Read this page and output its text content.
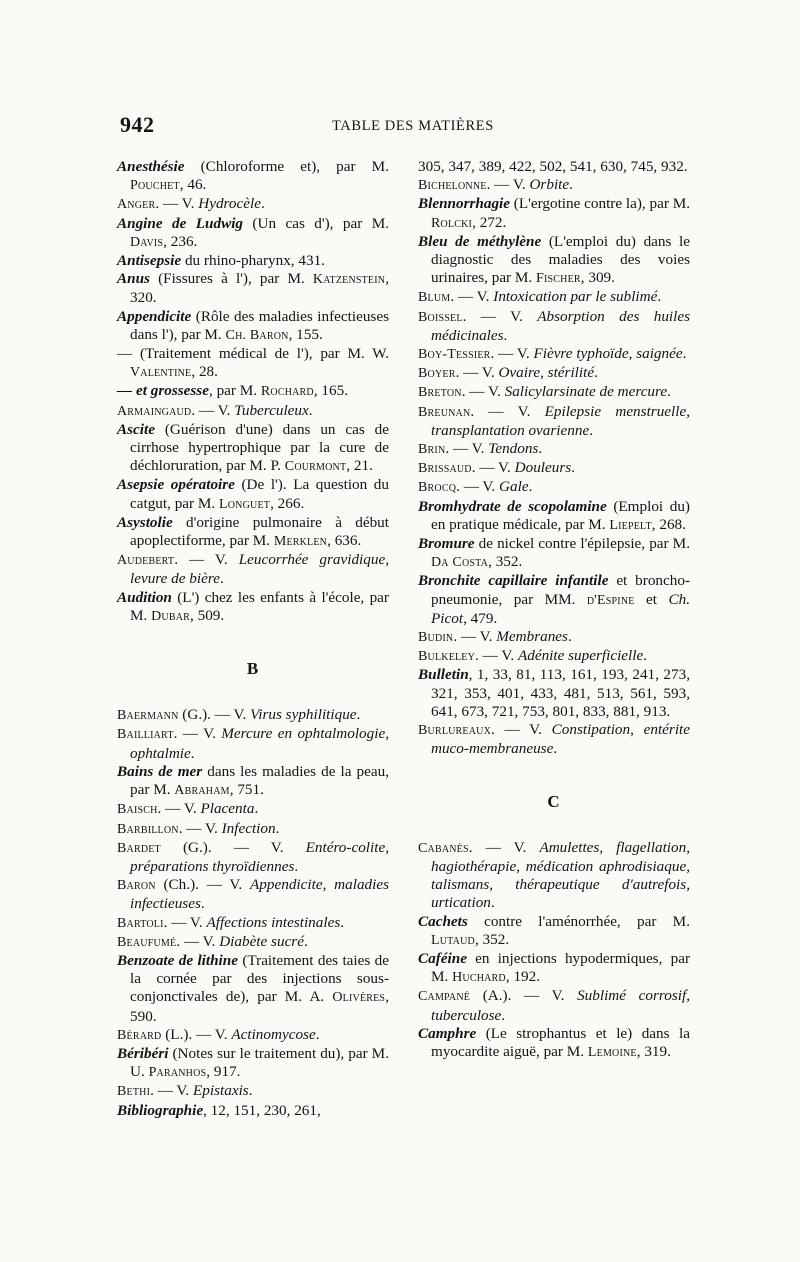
942	TABLE DES MATIÈRES

Anesthésie (Chloroforme et), par M. Pouchet, 46.

Anger. — V. Hydrocèle.

Angine de Ludwig (Un cas d'), par M. Davis, 236.

Antisepsie du rhino-pharynx, 431.

Anus (Fissures à l'), par M. Katzenstein, 320.

Appendicite (Rôle des maladies infectieuses dans l'), par M. Ch. Baron, 155.

— (Traitement médical de l'), par M. W. Valentine, 28.

— et grossesse, par M. Rochard, 165.

Armaingaud. — V. Tuberculeux.

Ascite (Guérison d'une) dans un cas de cirrhose hypertrophique par la cure de déchloruration, par M. P. Courmont, 21.

Asepsie opératoire (De l'). La question du catgut, par M. Longuet, 266.

Asystolie d'origine pulmonaire à début apoplectiforme, par M. Merklen, 636.

Audebert. — V. Leucorrhée gravidique, levure de bière.

Audition (L') chez les enfants à l'école, par M. Dubar, 509.

B

Baermann (G.). — V. Virus syphilitique.

Bailliart. — V. Mercure en ophtalmologie, ophtalmie.

Bains de mer dans les maladies de la peau, par M. Abraham, 751.

Baisch. — V. Placenta.

Barbillon. — V. Infection.

Bardet (G.). — V. Entéro-colite, préparations thyroïdiennes.

Baron (Ch.). — V. Appendicite, maladies infectieuses.

Bartoli. — V. Affections intestinales.

Beaufumé. — V. Diabète sucré.

Benzoate de lithine (Traitement des taies de la cornée par des injections sous-conjonctivales de), par M. A. Olivères, 590.

Bérard (L.). — V. Actinomycose.

Béribéri (Notes sur le traitement du), par M. U. Paranhos, 917.

Bethi. — V. Epistaxis.

Bibliographie, 12, 151, 230, 261,

305, 347, 389, 422, 502, 541, 630, 745, 932.

Bichelonne. — V. Orbite.

Blennorrhagie (L'ergotine contre la), par M. Rolcki, 272.

Bleu de méthylène (L'emploi du) dans le diagnostic des maladies des voies urinaires, par M. Fischer, 309.

Blum. — V. Intoxication par le sublimé.

Boissel. — V. Absorption des huiles médicinales.

Boy-Tessier. — V. Fièvre typhoïde, saignée.

Boyer. — V. Ovaire, stérilité.

Breton. — V. Salicylarsinate de mercure.

Breunan. — V. Epilepsie menstruelle, transplantation ovarienne.

Brin. — V. Tendons.

Brissaud. — V. Douleurs.

Brocq. — V. Gale.

Bromhydrate de scopolamine (Emploi du) en pratique médicale, par M. Liepelt, 268.

Bromure de nickel contre l'épilepsie, par M. Da Costa, 352.

Bronchite capillaire infantile et broncho-pneumonie, par MM. d'Espine et Ch. Picot, 479.

Budin. — V. Membranes.

Bulkeley. — V. Adénite superficielle.

Bulletin, 1, 33, 81, 113, 161, 193, 241, 273, 321, 353, 401, 433, 481, 513, 561, 593, 641, 673, 721, 753, 801, 833, 881, 913.

Burlureaux. — V. Constipation, entérite muco-membraneuse.

C

Cabanès. — V. Amulettes, flagellation, hagiothérapie, médication aphrodisiaque, talismans, thérapeutique d'autrefois, urtication.

Cachets contre l'aménorrhée, par M. Lutaud, 352.

Caféine en injections hypodermiques, par M. Huchard, 192.

Campané (A.). — V. Sublimé corrosif, tuberculose.

Camphre (Le strophantus et le) dans la myocardite aiguë, par M. Lemoine, 319.
